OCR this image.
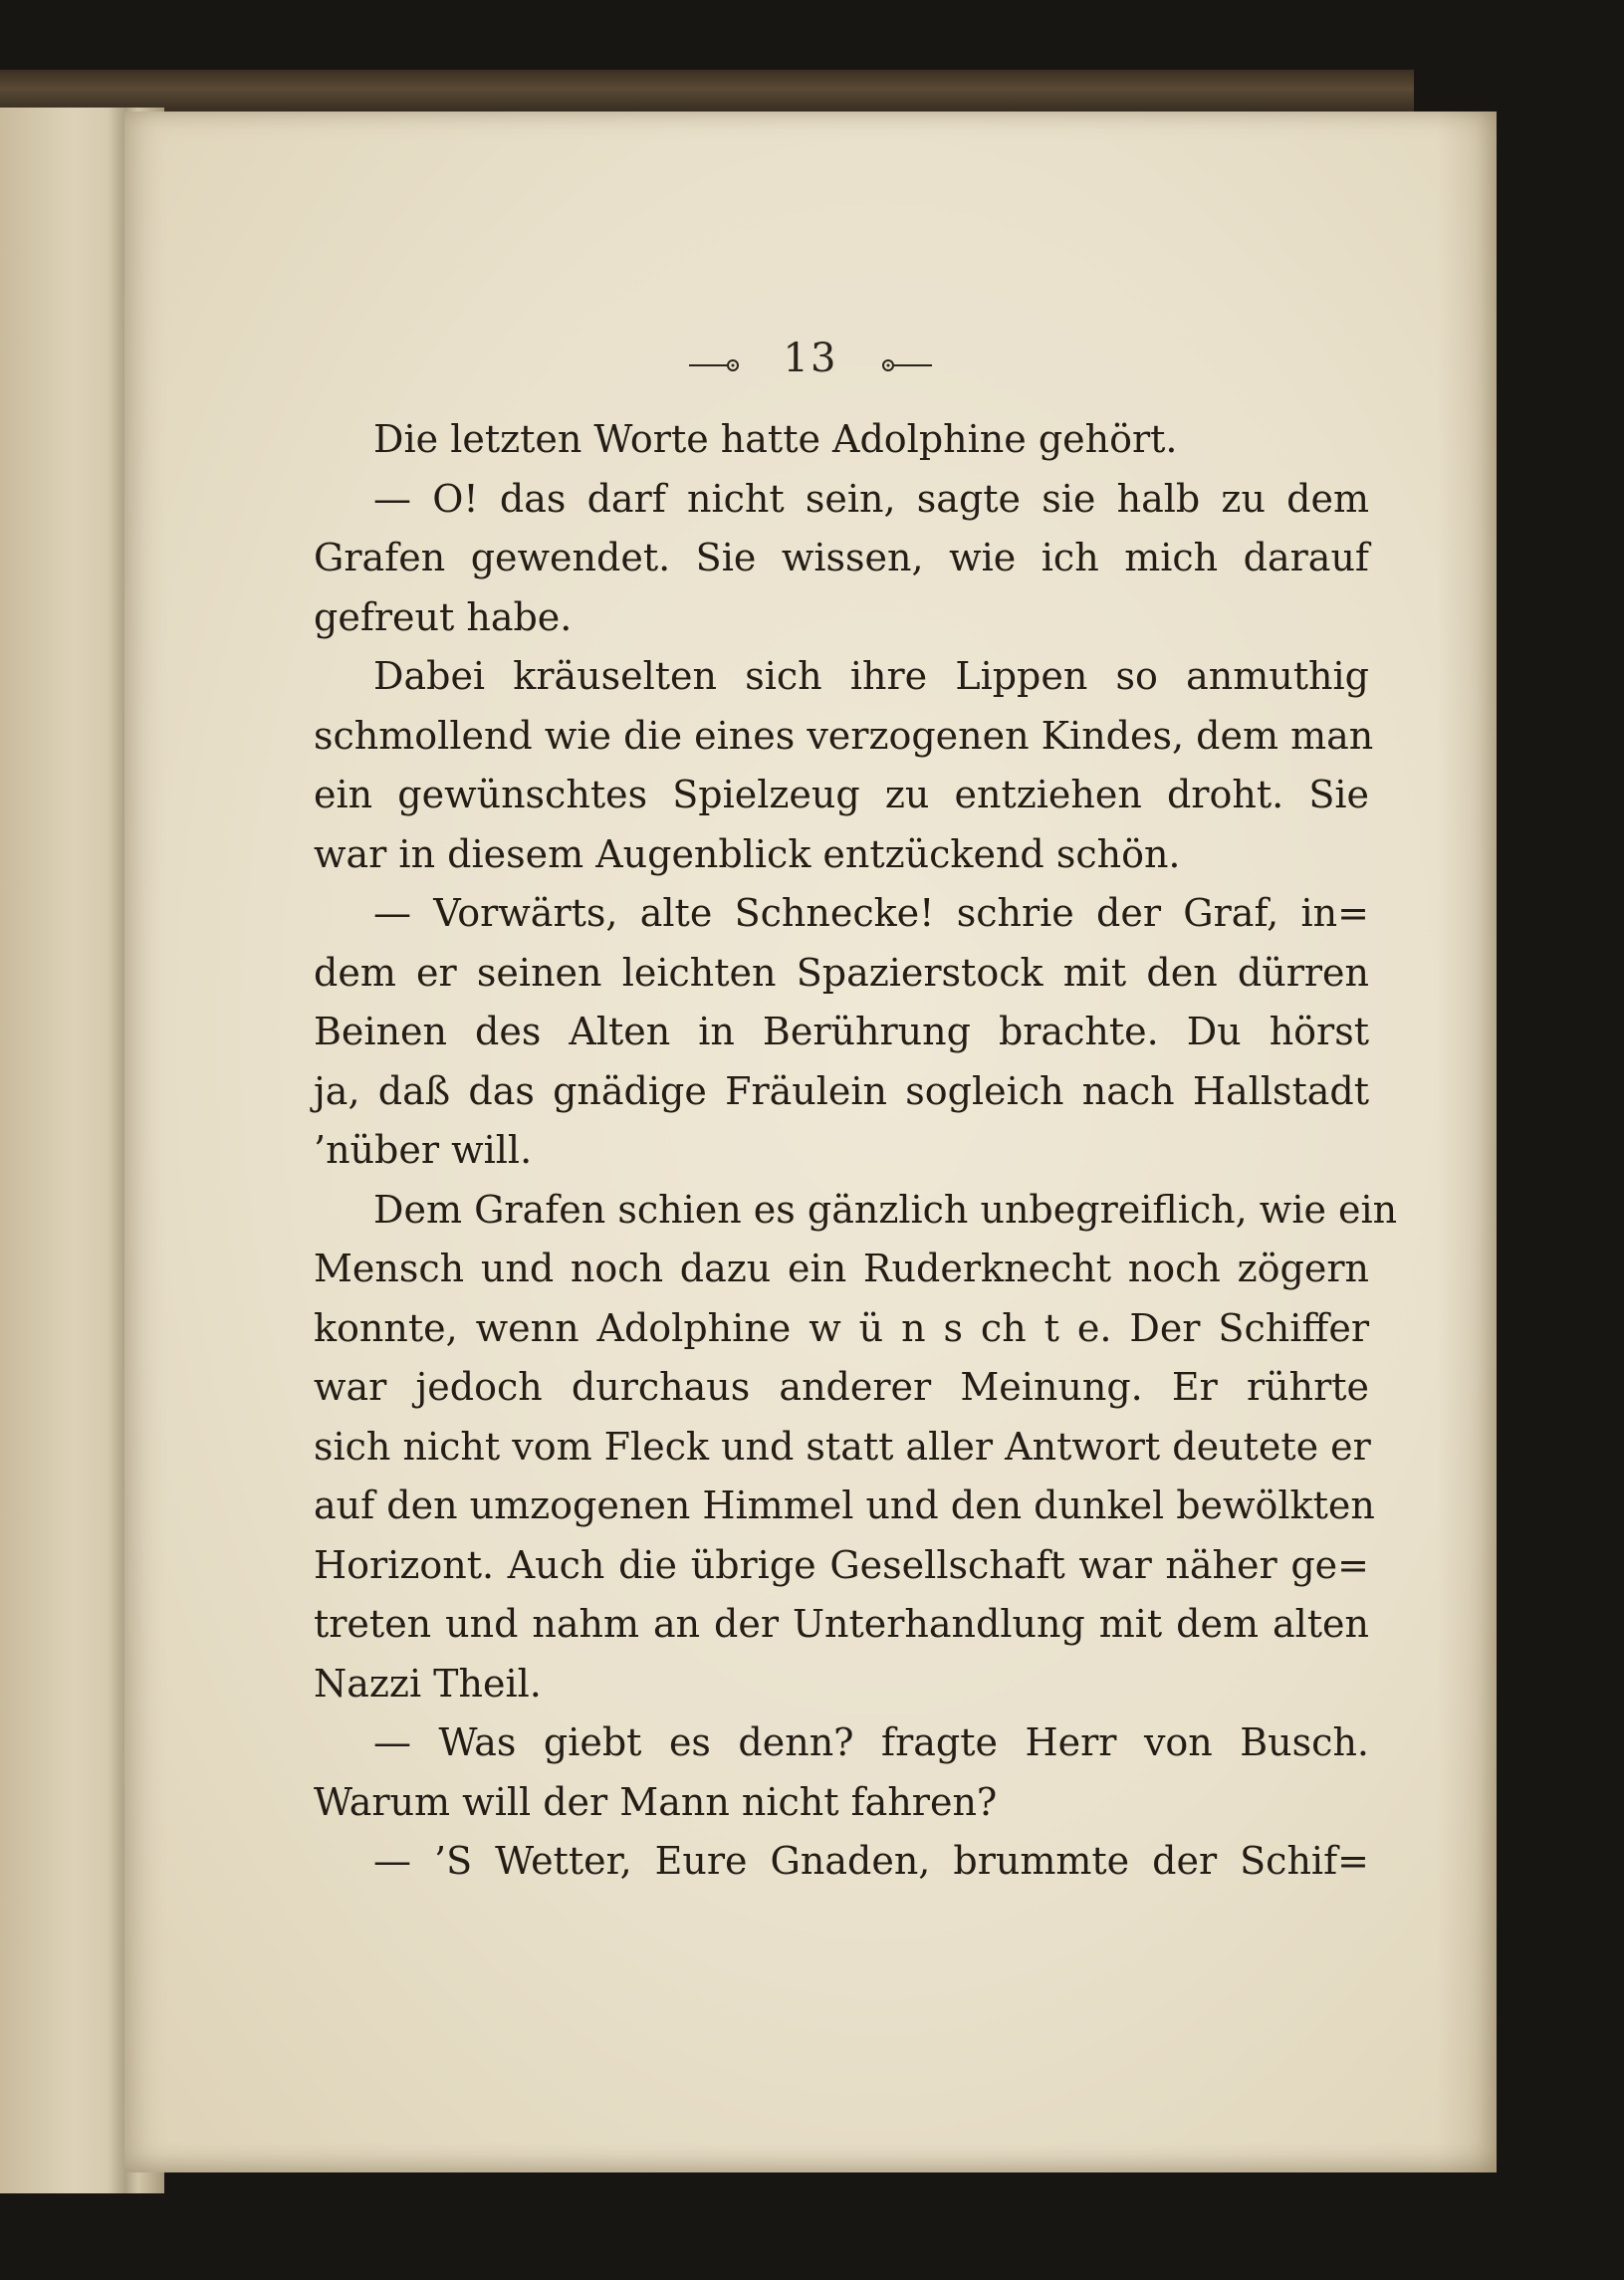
13
Die letzten Worte hatte Adolphine gehört.
— O! das darf nicht sein, sagte sie halb zu dem
Grafen gewendet. Sie wissen, wie ich mich darauf
gefreut habe.
Dabei kräuselten sich ihre Lippen so anmuthig
schmollend wie die eines verzogenen Kindes, dem man
ein gewünschtes Spielzeug zu entziehen droht. Sie
war in diesem Augenblick entzückend schön.
— Vorwärts, alte Schnecke! schrie der Graf, in=
dem er seinen leichten Spazierstock mit den dürren
Beinen des Alten in Berührung brachte. Du hörst
ja, daß das gnädige Fräulein sogleich nach Hallstadt
’nüber will.
Dem Grafen schien es gänzlich unbegreiflich, wie ein
Mensch und noch dazu ein Ruderknecht noch zögern
konnte, wenn Adolphine w ü n s ch t e. Der Schiffer
war jedoch durchaus anderer Meinung. Er rührte
sich nicht vom Fleck und statt aller Antwort deutete er
auf den umzogenen Himmel und den dunkel bewölkten
Horizont. Auch die übrige Gesellschaft war näher ge=
treten und nahm an der Unterhandlung mit dem alten
Nazzi Theil.
— Was giebt es denn? fragte Herr von Busch.
Warum will der Mann nicht fahren?
— ’S Wetter, Eure Gnaden, brummte der Schif=
